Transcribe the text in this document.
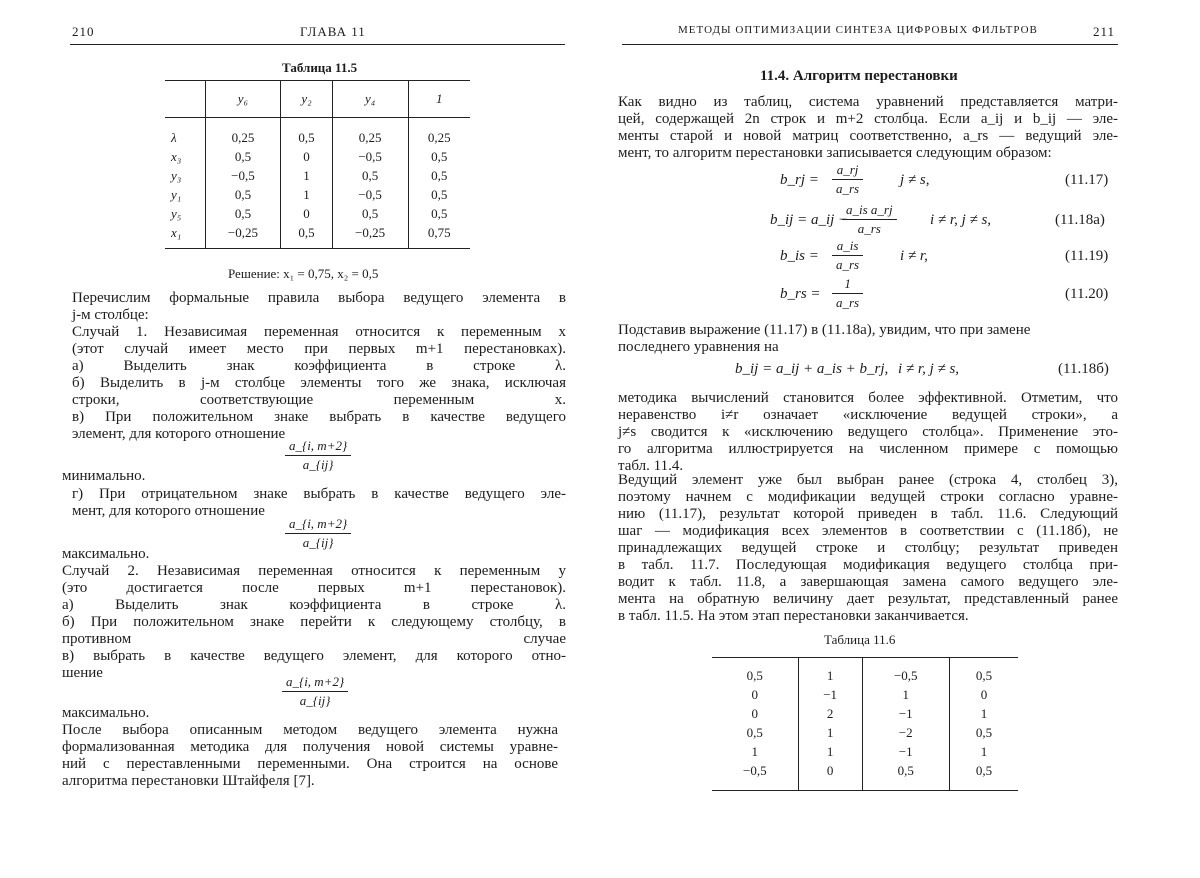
210	ГЛАВА 11
Таблица 11.5
	y₆	y₂	y₄	1
λ	0,25	0,5	0,25	0,25
x₃	0,5	0	−0,5	0,5
y₃	−0,5	1	0,5	0,5
y₁	0,5	1	−0,5	0,5
y₅	0,5	0	0,5	0,5
x₁	−0,25	0,5	−0,25	0,75
Решение: x₁ = 0,75, x₂ = 0,5
Перечислим формальные правила выбора ведущего элемента в
j-м столбце:
Случай 1. Независимая переменная относится к переменным x
(этот случай имеет место при первых m+1 перестановках).
а) Выделить знак коэффициента в строке λ.
б) Выделить в j-м столбце элементы того же знака, исключая
строки, соответствующие переменным x.
в) При положительном знаке выбрать в качестве ведущего
элемент, для которого отношение
$\frac{a\_\{i, m+2\}}{a\_\{ij\}}$
минимально.
г) При отрицательном знаке выбрать в качестве ведущего эле-
мент, для которого отношение
$\frac{a\_\{i, m+2\}}{a\_\{ij\}}$
максимально.
Случай 2. Независимая переменная относится к переменным y
(это достигается после первых m+1 перестановок).
а) Выделить знак коэффициента в строке λ.
б) При положительном знаке перейти к следующему столбцу, в
противном случае
в) выбрать в качестве ведущего элемент, для которого отно-
шение
$\frac{a\_\{i, m+2\}}{a\_\{ij\}}$
максимально.
После выбора описанным методом ведущего элемента нужна
формализованная методика для получения новой системы уравне-
ний с переставленными переменными. Она строится на основе
алгоритма перестановки Штайфеля [7].
МЕТОДЫ ОПТИМИЗАЦИИ СИНТЕЗА ЦИФРОВЫХ ФИЛЬТРОВ	211
11.4. Алгоритм перестановки
Как видно из таблиц, система уравнений представляется матри-
цей, содержащей 2n строк и m+2 столбца. Если a_ij и b_ij — эле-
менты старой и новой матриц соответственно, a_rs — ведущий эле-
мент, то алгоритм перестановки записывается следующим образом:
b_rj = $\frac{a\_rj}{a\_rs}$ j ≠ s,	(11.17)
b_ij = a_ij −
$\frac{\text{a\_is a\_rj}}{a\_rs}$ i ≠ r, j ≠ s,	(11.18а)
b_is = $\frac{a\_is}{a\_rs}$ i ≠ r,	(11.19)
b_rs = $\frac{1}{a\_rs}$	(11.20)
Подставив выражение (11.17) в (11.18а), увидим, что при замене
последнего уравнения на
b_ij = a_ij + a_is + b_rj, i ≠ r, j ≠ s,	(11.18б)
методика вычислений становится более эффективной. Отметим, что
неравенство i≠r означает «исключение ведущей строки», а
j≠s сводится к «исключению ведущего столбца». Применение это-
го алгоритма иллюстрируется на численном примере с помощью
табл. 11.4.
Ведущий элемент уже был выбран ранее (строка 4, столбец 3),
поэтому начнем с модификации ведущей строки согласно уравне-
нию (11.17), результат которой приведен в табл. 11.6. Следующий
шаг — модификация всех элементов в соответствии с (11.18б), не
принадлежащих ведущей строке и столбцу; результат приведен
в табл. 11.7. Последующая модификация ведущего столбца при-
водит к табл. 11.8, а завершающая замена самого ведущего эле-
мента на обратную величину дает результат, представленный ранее
в табл. 11.5. На этом этап перестановки заканчивается.
Таблица 11.6
0,5	1	−0,5	0,5
0	−1	1	0
0	2	−1	1
0,5	1	−2	0,5
1	1	−1	1
−0,5	0	0,5	0,5
